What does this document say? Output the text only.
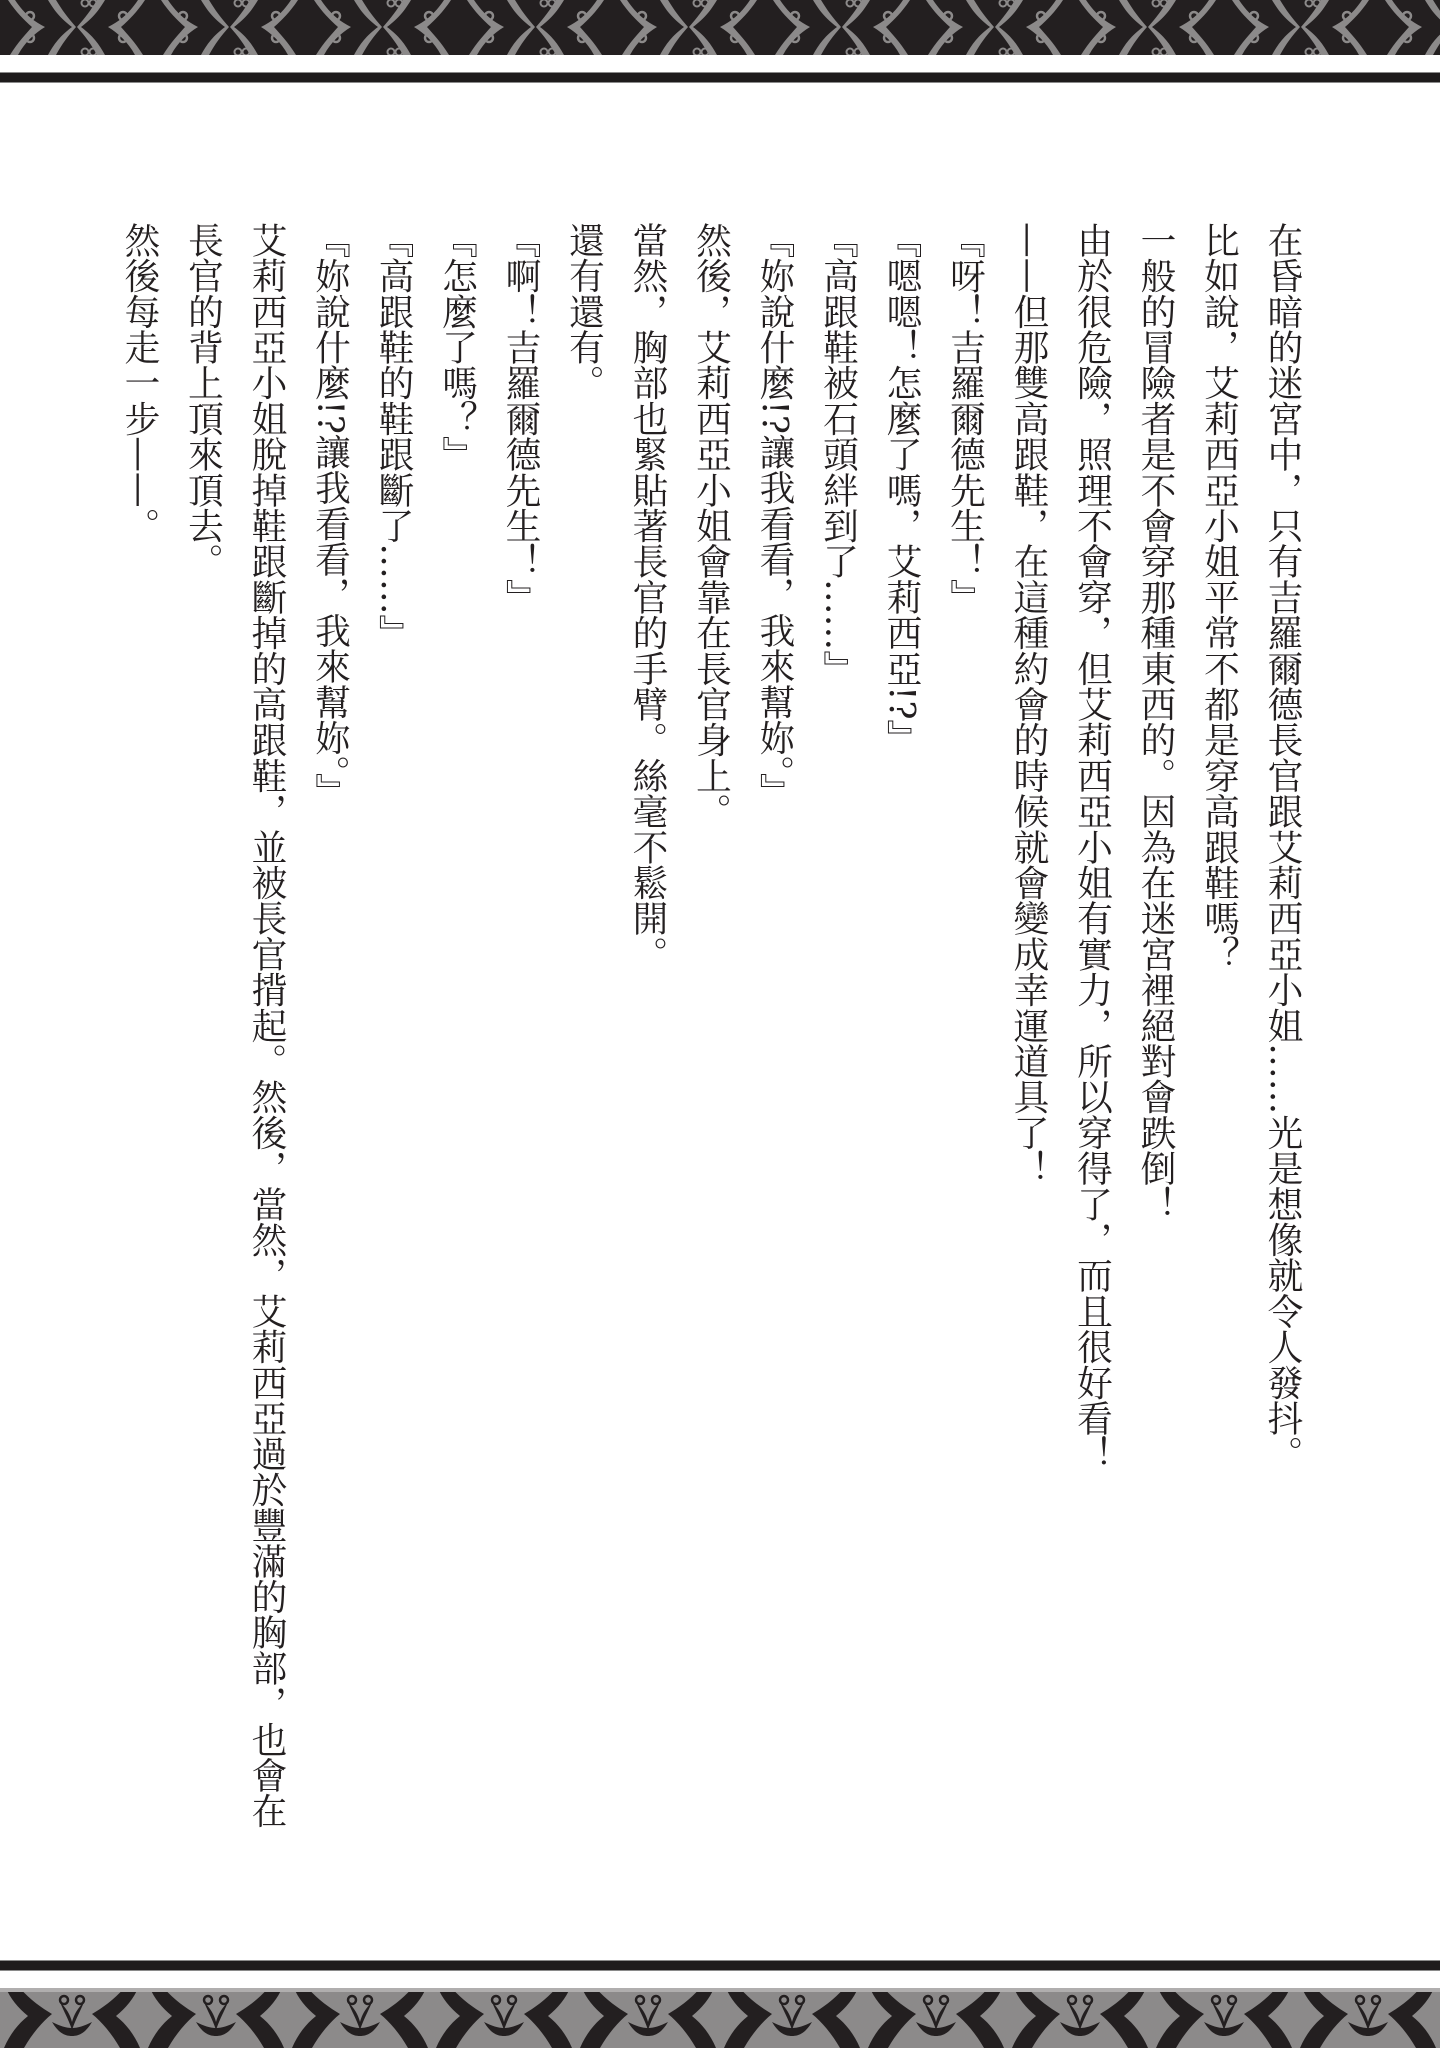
在昏暗的迷宮中，只有吉羅爾德長官跟艾莉西亞小姐……光是想像就令人發抖。

比如說，艾莉西亞小姐平常不都是穿高跟鞋嗎？

一般的冒險者是不會穿那種東西的。因為在迷宮裡絕對會跌倒！

由於很危險，照理不會穿，但艾莉西亞小姐有實力，所以穿得了，而且很好看！

——但那雙高跟鞋，在這種約會的時候就會變成幸運道具了！

『呀！吉羅爾德先生！』

『嗯嗯！怎麼了嗎，艾莉西亞!?』

『高跟鞋被石頭絆到了……』

『妳說什麼!?讓我看看，我來幫妳。』

然後，艾莉西亞小姐會靠在長官身上。

當然，胸部也緊貼著長官的手臂。絲毫不鬆開。

還有還有。

『啊！吉羅爾德先生！』

『怎麼了嗎？』

『高跟鞋的鞋跟斷了……』

『妳說什麼!?讓我看看，我來幫妳。』

艾莉西亞小姐脫掉鞋跟斷掉的高跟鞋，並被長官揹起。然後，當然，艾莉西亞過於豐滿的胸部，也會在

長官的背上頂來頂去。

然後每走一步——。
